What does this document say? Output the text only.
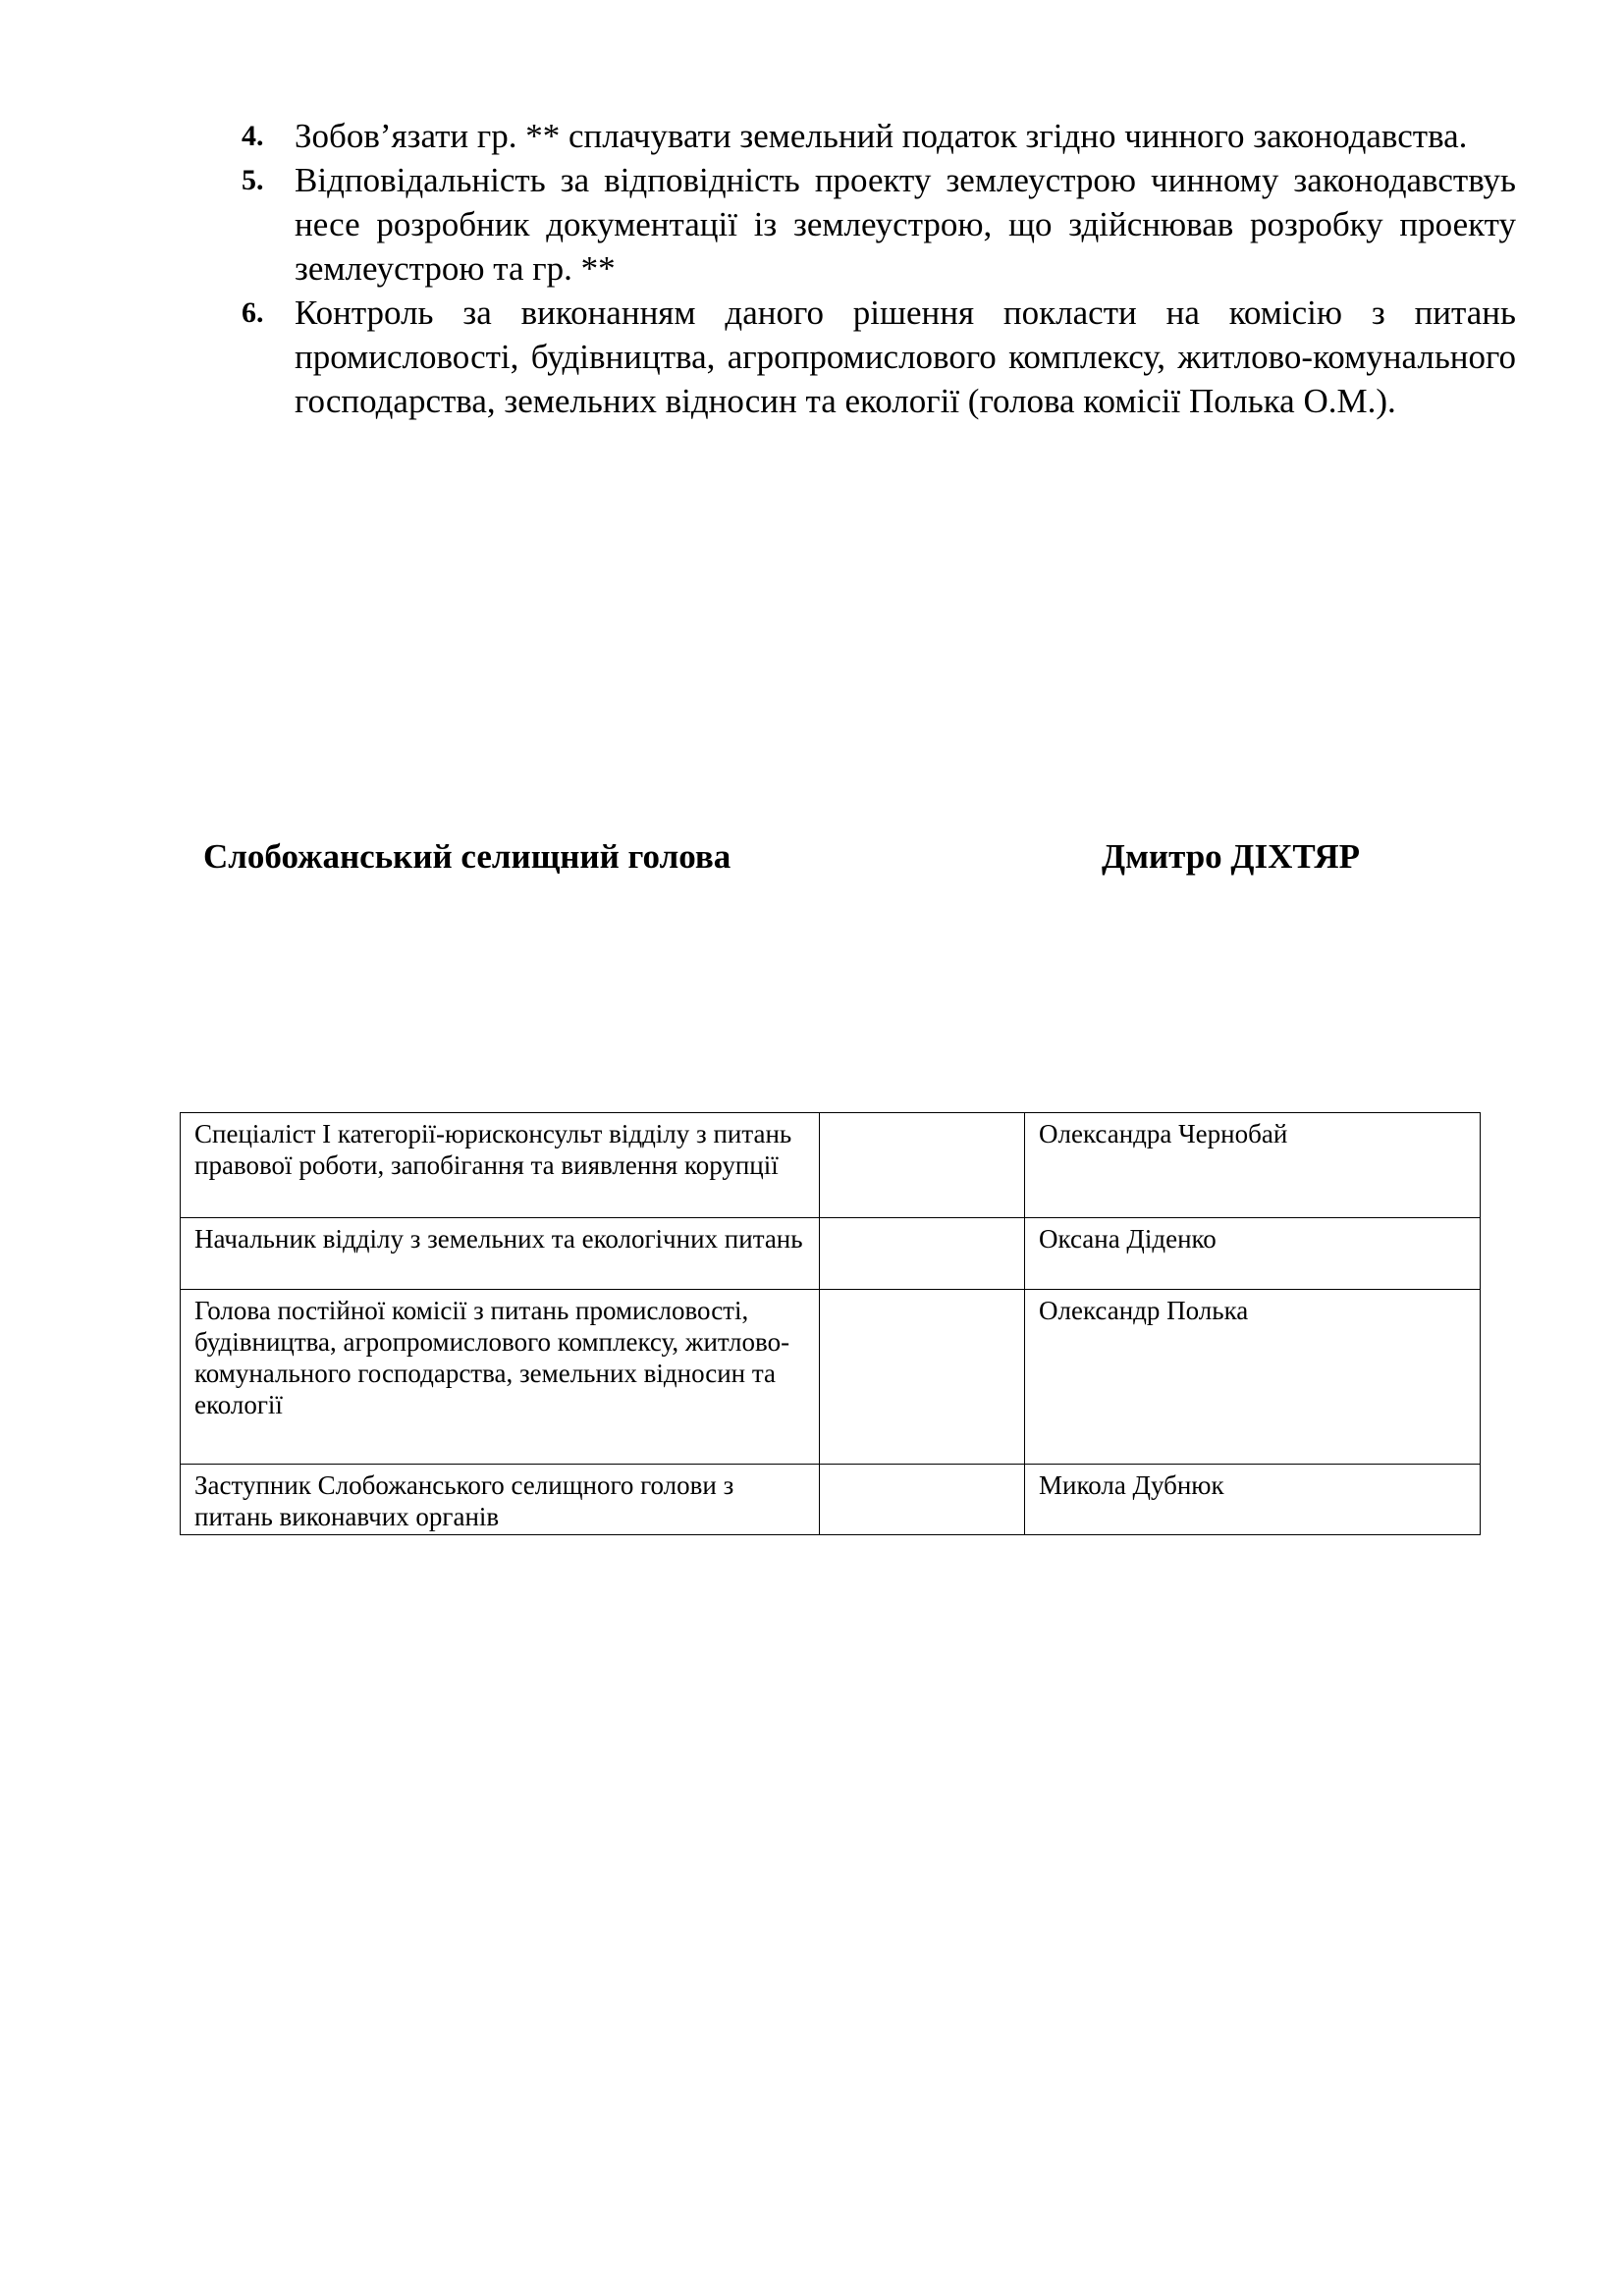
4. Зобов’язати гр. ** сплачувати земельний податок згідно чинного законодавства.
5. Відповідальність за відповідність проекту землеустрою чинному законодавствуь несе розробник документації із землеустрою, що здійснював розробку проекту землеустрою та гр. **
6. Контроль за виконанням даного рішення покласти на комісію з питань промисловості, будівництва, агропромислового комплексу, житлово-комунального господарства, земельних відносин та екології (голова комісії Полька О.М.).
Слобожанський селищний голова	Дмитро ДІХТЯР
Спеціаліст I категорії-юрисконсульт відділу з питань правової роботи, запобігання та виявлення корупції		Олександра Чернобай
Начальник відділу з земельних та екологічних питань		Оксана Діденко
Голова постійної комісії з питань промисловості, будівництва, агропромислового комплексу, житлово-комунального господарства, земельних відносин та екології		Олександр Полька
Заступник Слобожанського селищного голови з питань виконавчих органів		Микола Дубнюк
